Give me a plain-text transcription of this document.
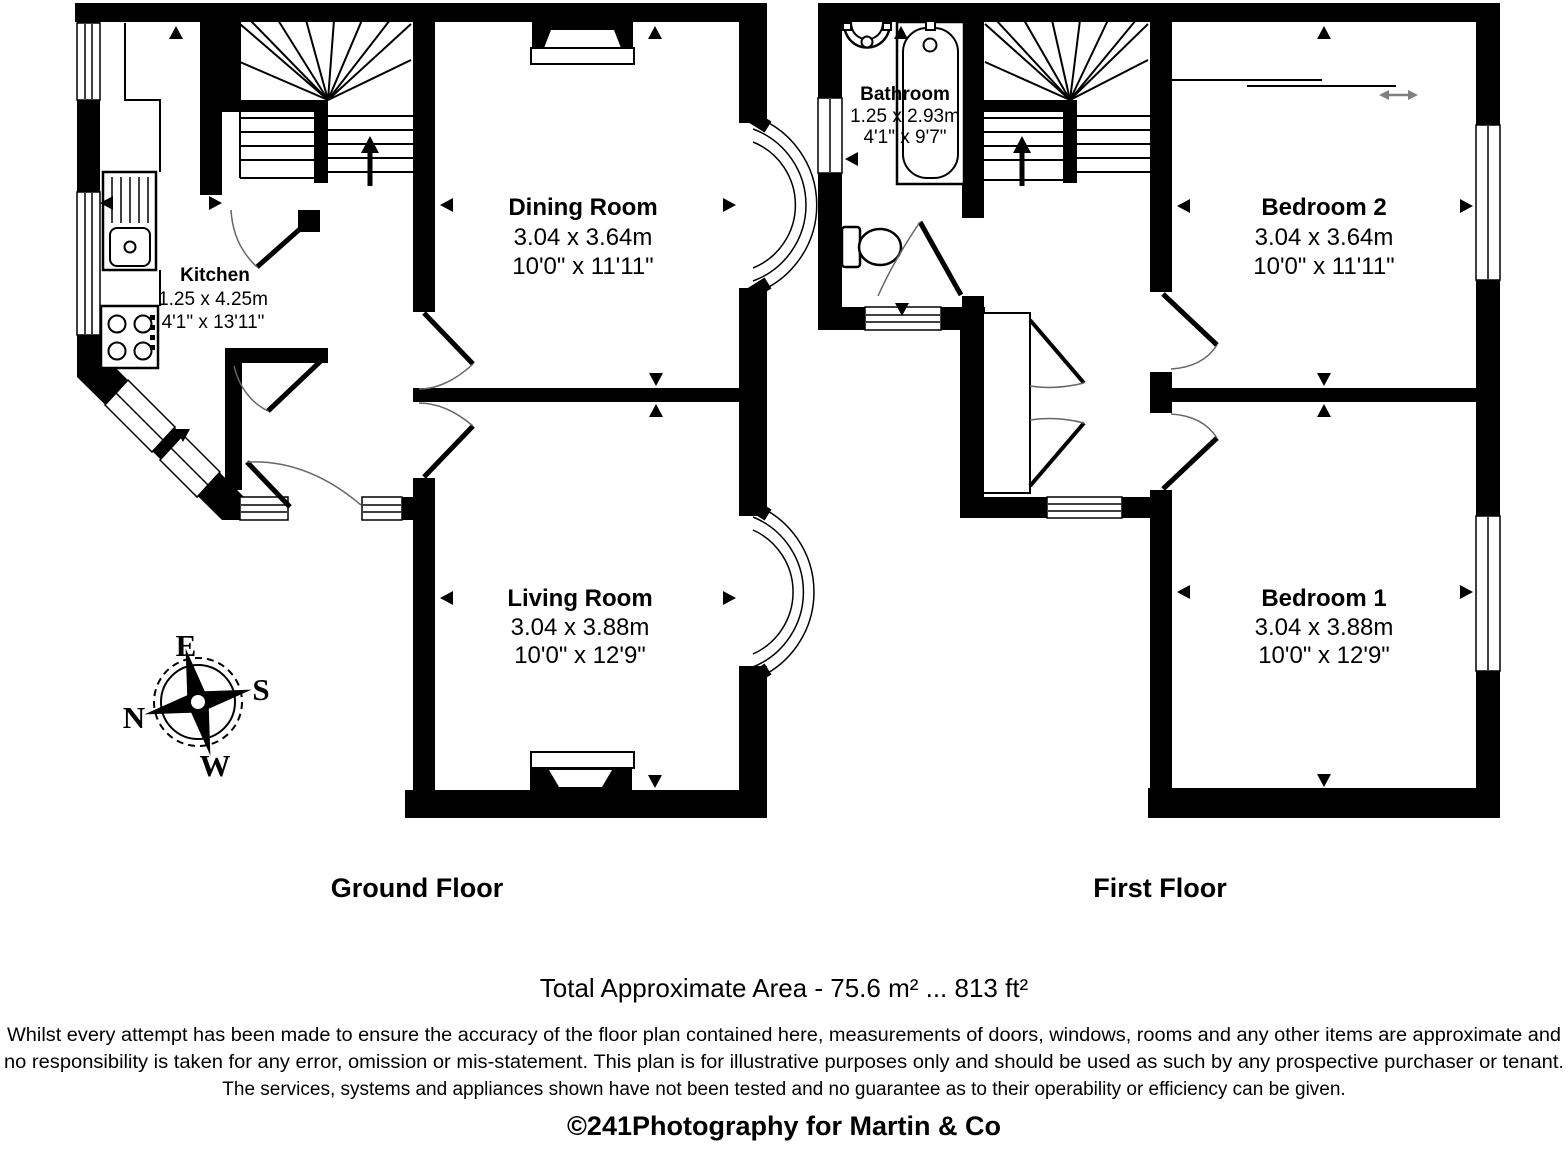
Kitchen
1.25 x 4.25m
4'1" x 13'11"
Dining Room
3.04 x 3.64m
10'0" x 11'11"
Living Room
3.04 x 3.88m
10'0" x 12'9"
E
S
N
W
Bathroom
1.25 x 2.93m
4'1" x 9'7"
Bedroom 2
3.04 x 3.64m
10'0" x 11'11"
Bedroom 1
3.04 x 3.88m
10'0" x 12'9"
Ground Floor	First Floor
Total Approximate Area - 75.6 m² ... 813 ft²
Whilst every attempt has been made to ensure the accuracy of the floor plan contained here, measurements of doors, windows, rooms and any other items are approximate and
no responsibility is taken for any error, omission or mis-statement. This plan is for illustrative purposes only and should be used as such by any prospective purchaser or tenant.
The services, systems and appliances shown have not been tested and no guarantee as to their operability or efficiency can be given.
©241Photography for Martin & Co
